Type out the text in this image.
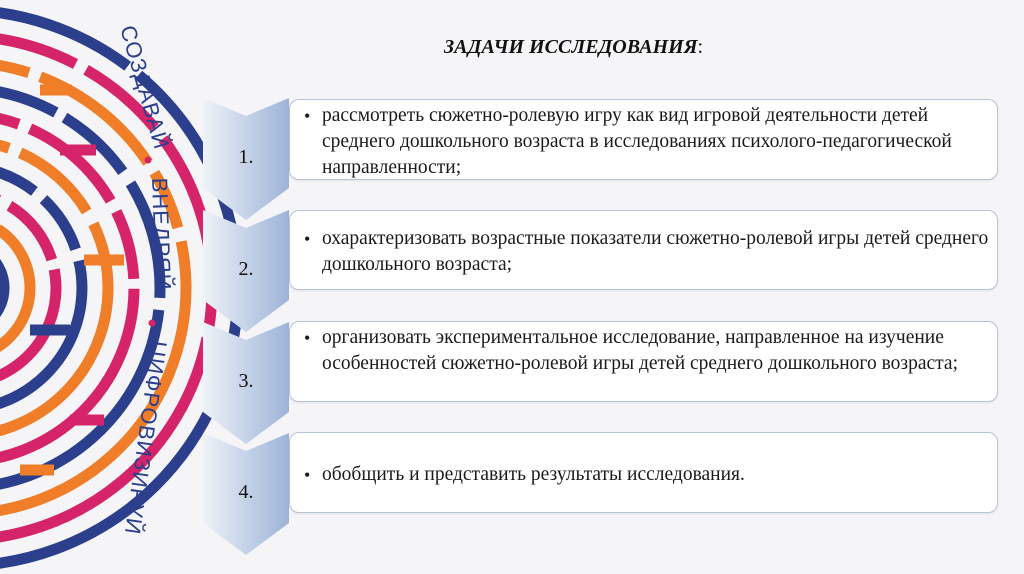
СОЗДАВАЙ
ВНЕДРЯЙ
ЦИФРОВИЗИРУЙ
ЗАДАЧИ ИССЛЕДОВАНИЯ:
1.
• рассмотреть сюжетно-ролевую игру как вид игровой деятельности детей среднего дошкольного возраста в исследованиях психолого-педагогической направленности;
2.
• охарактеризовать возрастные показатели сюжетно-ролевой игры детей среднего дошкольного возраста;
3.
• организовать экспериментальное исследование, направленное на изучение особенностей сюжетно-ролевой игры детей среднего дошкольного возраста;
4.
• обобщить и представить результаты исследования.
